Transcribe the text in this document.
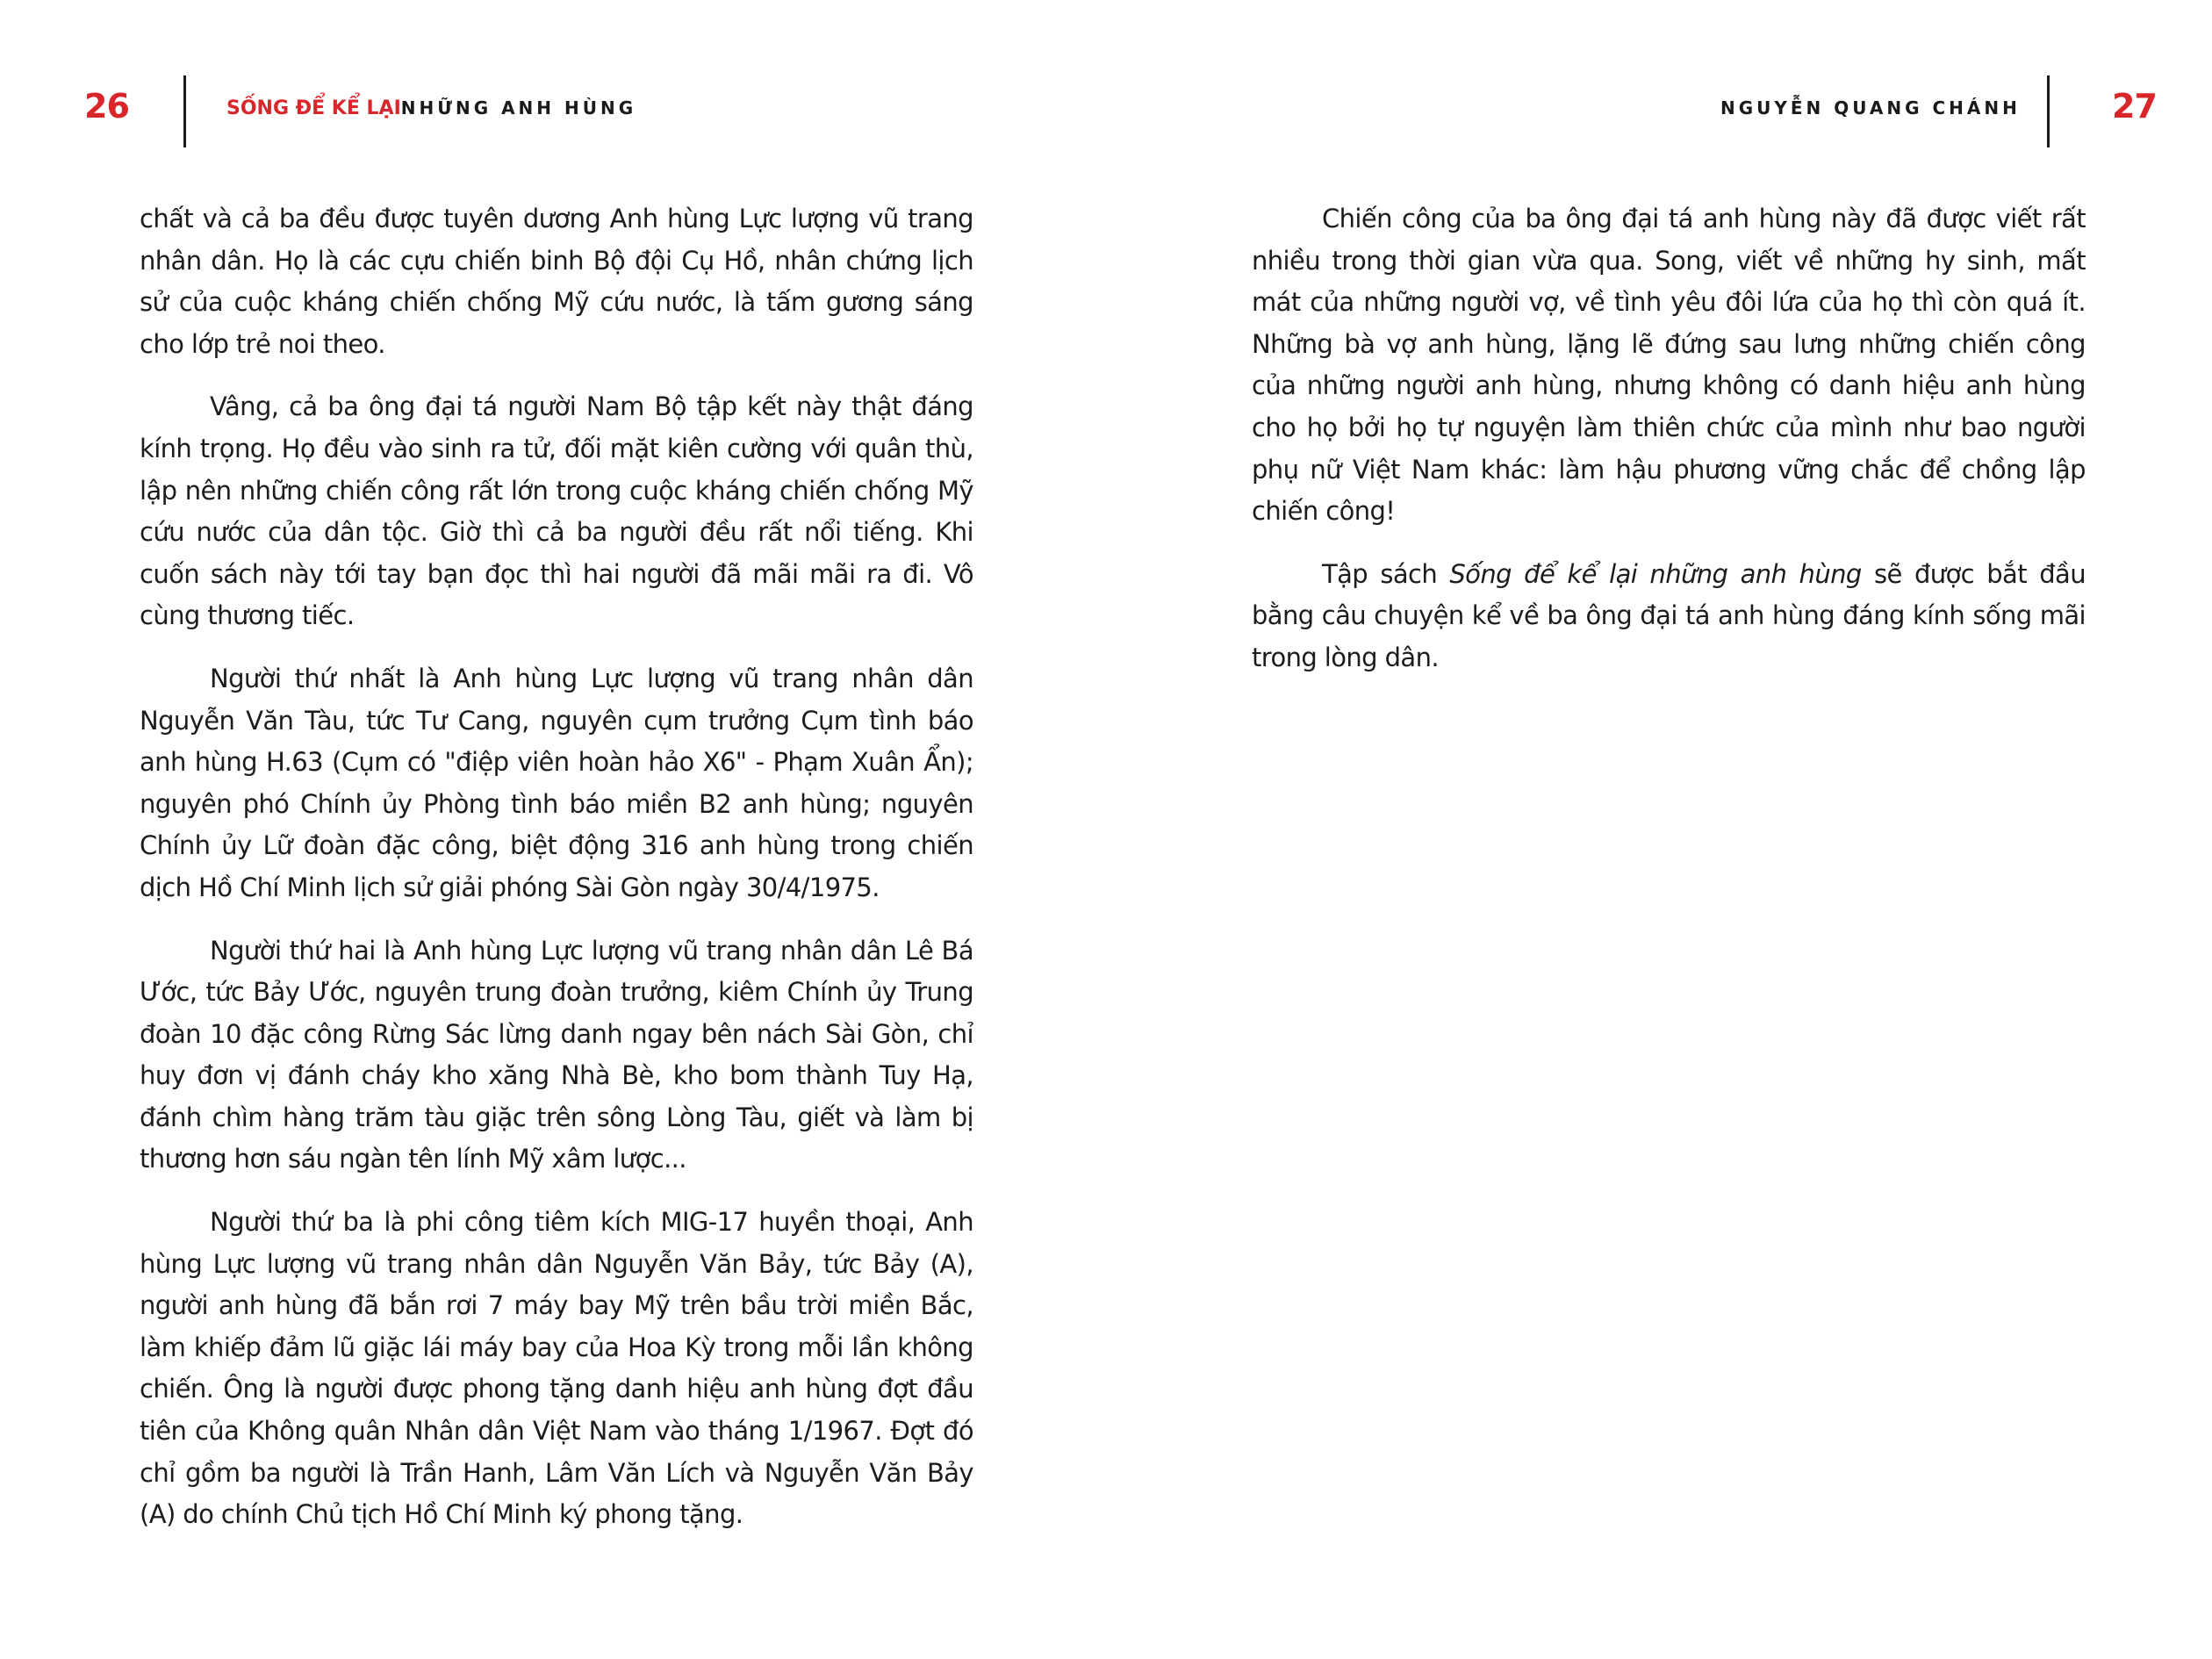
26	SỐNG ĐỂ KỂ LẠINHỮNG ANH HÙNG

chất và cả ba đều được tuyên dương Anh hùng Lực lượng vũ trang nhân dân. Họ là các cựu chiến binh Bộ đội Cụ Hồ, nhân chứng lịch sử của cuộc kháng chiến chống Mỹ cứu nước, là tấm gương sáng cho lớp trẻ noi theo.

Vâng, cả ba ông đại tá người Nam Bộ tập kết này thật đáng kính trọng. Họ đều vào sinh ra tử, đối mặt kiên cường với quân thù, lập nên những chiến công rất lớn trong cuộc kháng chiến chống Mỹ cứu nước của dân tộc. Giờ thì cả ba người đều rất nổi tiếng. Khi cuốn sách này tới tay bạn đọc thì hai người đã mãi mãi ra đi. Vô cùng thương tiếc.

Người thứ nhất là Anh hùng Lực lượng vũ trang nhân dân Nguyễn Văn Tàu, tức Tư Cang, nguyên cụm trưởng Cụm tình báo anh hùng H.63 (Cụm có "điệp viên hoàn hảo X6" - Phạm Xuân Ẩn); nguyên phó Chính ủy Phòng tình báo miền B2 anh hùng; nguyên Chính ủy Lữ đoàn đặc công, biệt động 316 anh hùng trong chiến dịch Hồ Chí Minh lịch sử giải phóng Sài Gòn ngày 30/4/1975.

Người thứ hai là Anh hùng Lực lượng vũ trang nhân dân Lê Bá Ước, tức Bảy Ước, nguyên trung đoàn trưởng, kiêm Chính ủy Trung đoàn 10 đặc công Rừng Sác lừng danh ngay bên nách Sài Gòn, chỉ huy đơn vị đánh cháy kho xăng Nhà Bè, kho bom thành Tuy Hạ, đánh chìm hàng trăm tàu giặc trên sông Lòng Tàu, giết và làm bị thương hơn sáu ngàn tên lính Mỹ xâm lược...

Người thứ ba là phi công tiêm kích MIG-17 huyền thoại, Anh hùng Lực lượng vũ trang nhân dân Nguyễn Văn Bảy, tức Bảy (A), người anh hùng đã bắn rơi 7 máy bay Mỹ trên bầu trời miền Bắc, làm khiếp đảm lũ giặc lái máy bay của Hoa Kỳ trong mỗi lần không chiến. Ông là người được phong tặng danh hiệu anh hùng đợt đầu tiên của Không quân Nhân dân Việt Nam vào tháng 1/1967. Đợt đó chỉ gồm ba người là Trần Hanh, Lâm Văn Lích và Nguyễn Văn Bảy (A) do chính Chủ tịch Hồ Chí Minh ký phong tặng.

NGUYỄN QUANG CHÁNH	27

Chiến công của ba ông đại tá anh hùng này đã được viết rất nhiều trong thời gian vừa qua. Song, viết về những hy sinh, mất mát của những người vợ, về tình yêu đôi lứa của họ thì còn quá ít. Những bà vợ anh hùng, lặng lẽ đứng sau lưng những chiến công của những người anh hùng, nhưng không có danh hiệu anh hùng cho họ bởi họ tự nguyện làm thiên chức của mình như bao người phụ nữ Việt Nam khác: làm hậu phương vững chắc để chồng lập chiến công!

Tập sách Sống để kể lại những anh hùng sẽ được bắt đầu bằng câu chuyện kể về ba ông đại tá anh hùng đáng kính sống mãi trong lòng dân.
